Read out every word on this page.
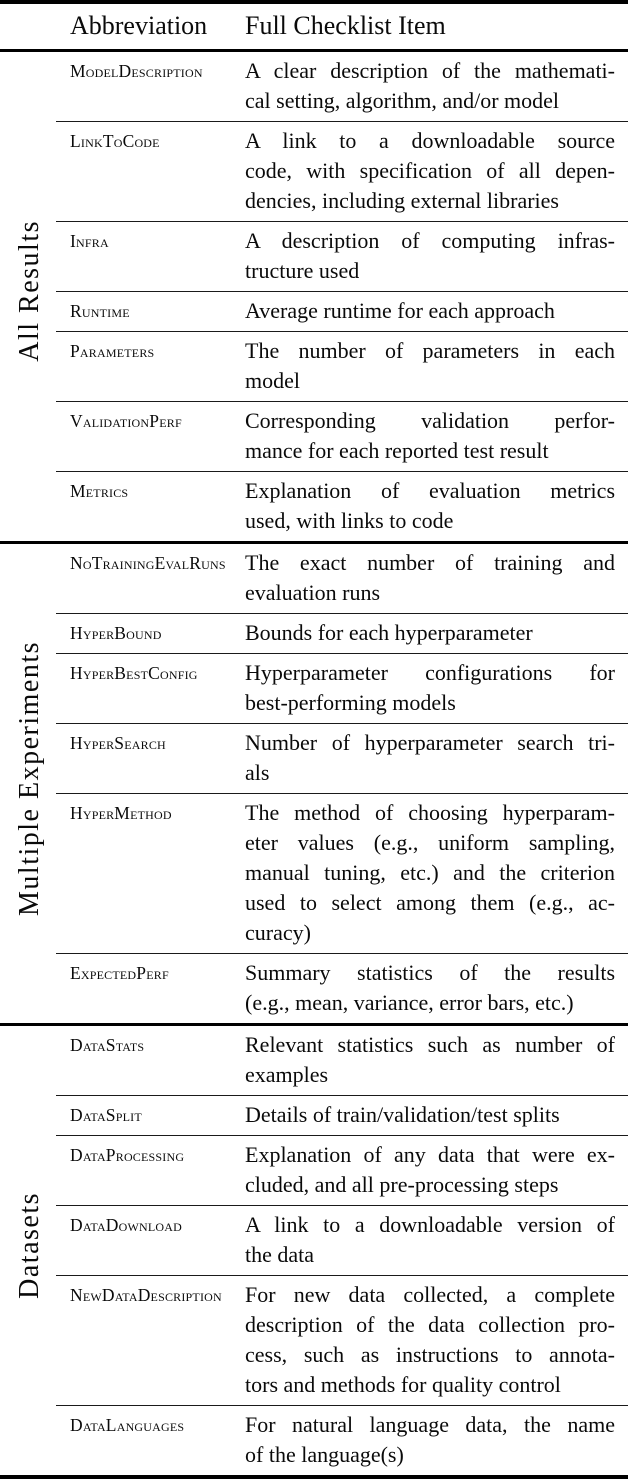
	Abbreviation	Full Checklist Item
All Results	ModelDescription	A clear description of the mathemati-
cal setting, algorithm, and/or model

	LinkToCode	A link to a downloadable source
code, with specification of all depen-
dencies, including external libraries

	Infra	A description of computing infras-
tructure used

	Runtime	Average runtime for each approach

	Parameters	The number of parameters in each
model

	ValidationPerf	Corresponding validation perfor-
mance for each reported test result

	Metrics	Explanation of evaluation metrics
used, with links to code

Multiple Experiments	NoTrainingEvalRuns	The exact number of training and
evaluation runs

	HyperBound	Bounds for each hyperparameter

	HyperBestConfig	Hyperparameter configurations for
best-performing models

	HyperSearch	Number of hyperparameter search tri-
als

	HyperMethod	The method of choosing hyperparam-
eter values (e.g., uniform sampling,
manual tuning, etc.) and the criterion
used to select among them (e.g., ac-
curacy)

	ExpectedPerf	Summary statistics of the results
(e.g., mean, variance, error bars, etc.)

Datasets	DataStats	Relevant statistics such as number of
examples

	DataSplit	Details of train/validation/test splits

	DataProcessing	Explanation of any data that were ex-
cluded, and all pre-processing steps

	DataDownload	A link to a downloadable version of
the data

	NewDataDescription	For new data collected, a complete
description of the data collection pro-
cess, such as instructions to annota-
tors and methods for quality control

	DataLanguages	For natural language data, the name
of the language(s)
